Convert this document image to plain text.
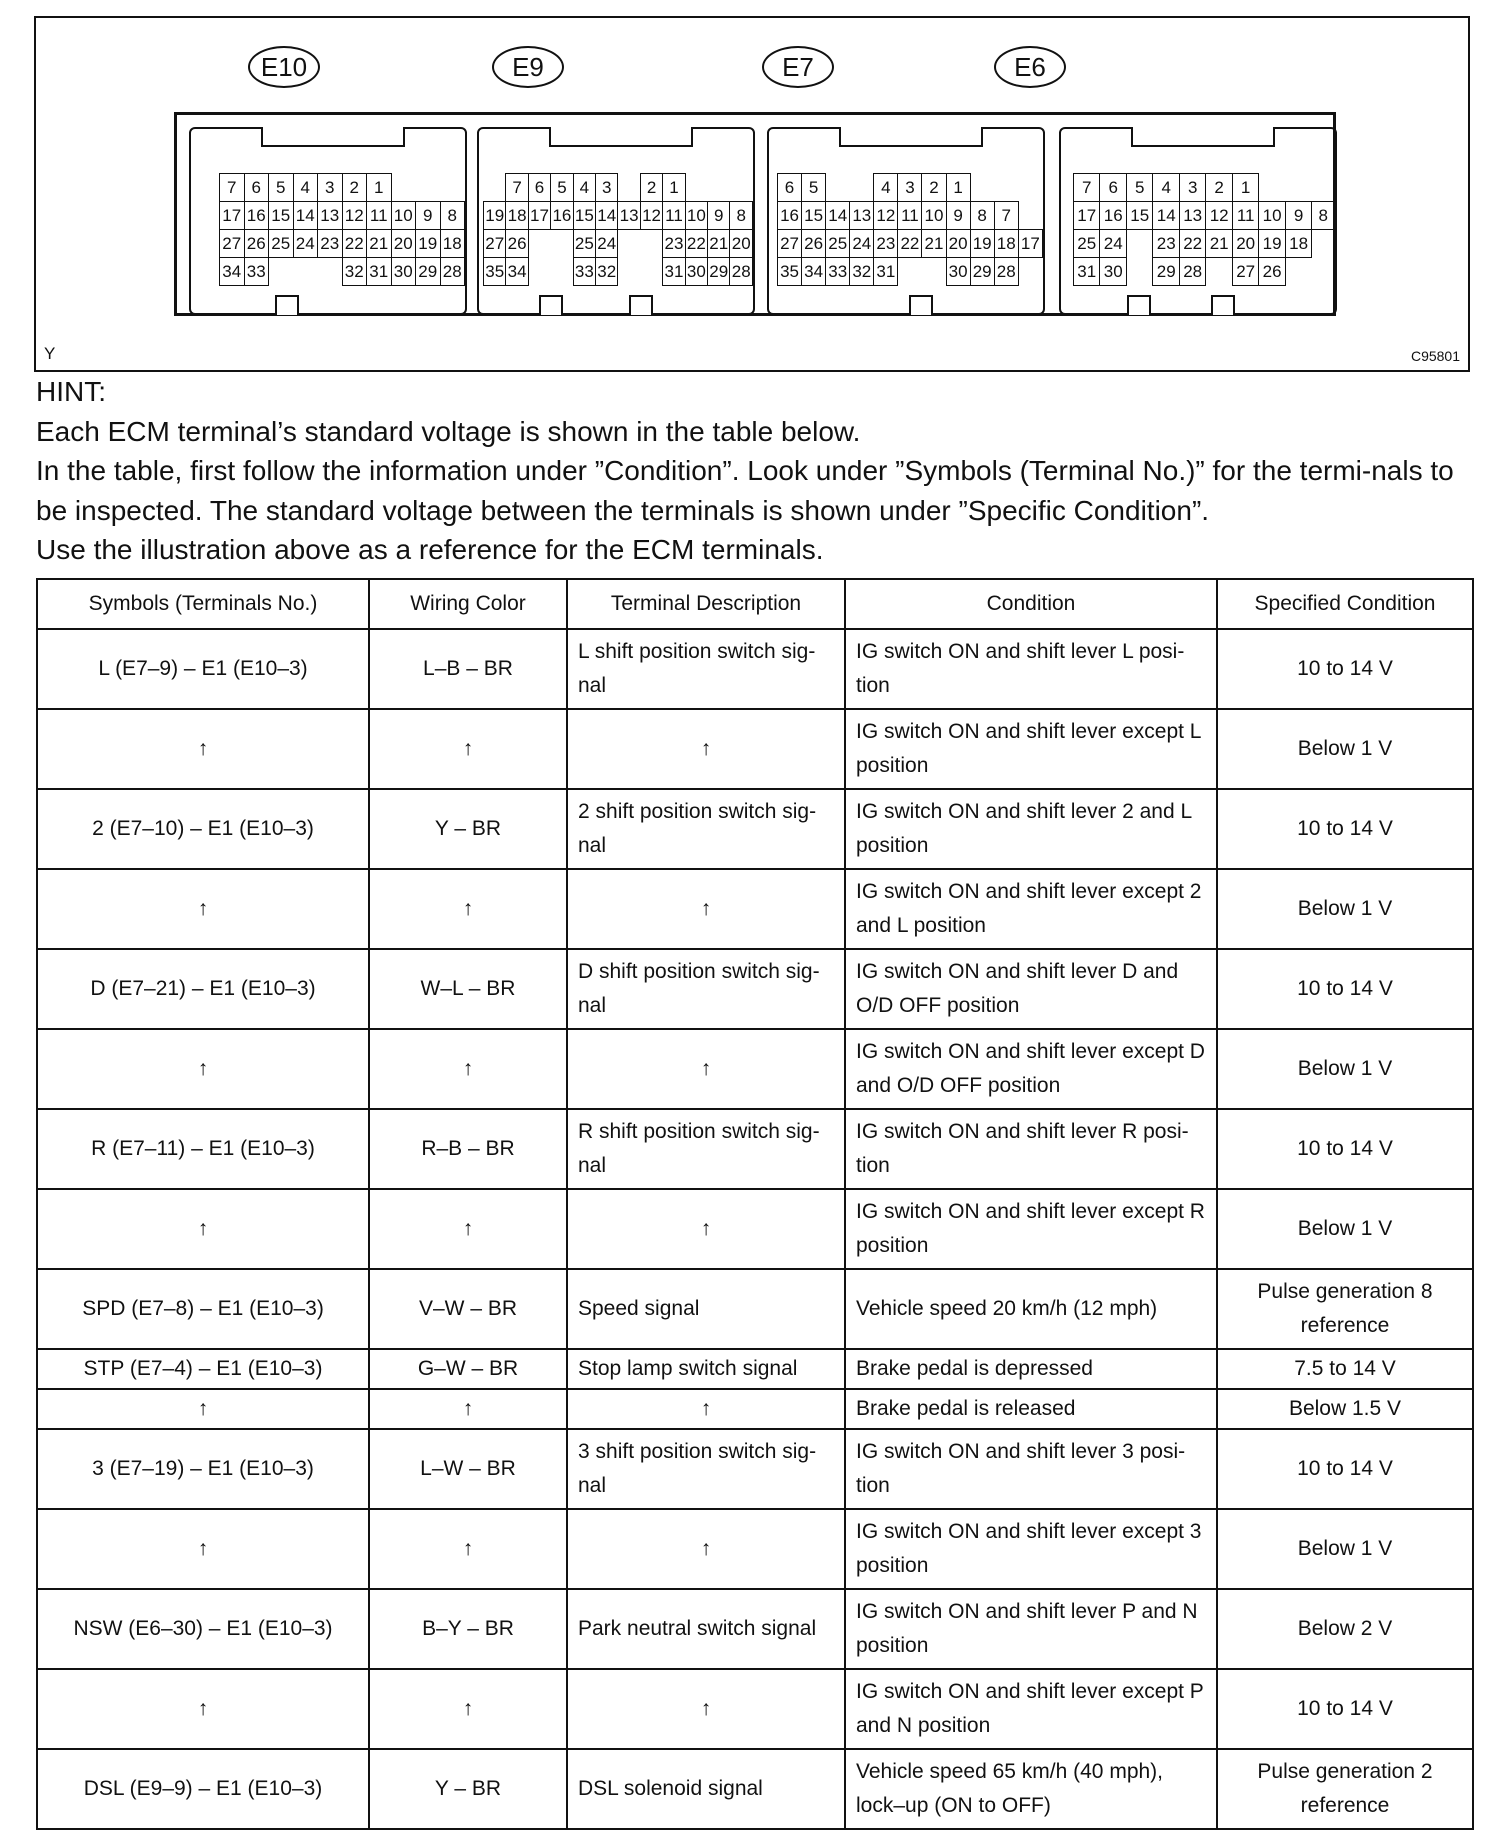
E10	E9	E7	E6
7	6	5	4	3	2	1			
17	16	15	14	13	12	11	10	9	8
27	26	25	24	23	22	21	20	19	18
34	33				32	31	30	29	28
	7	6	5	4	3		2	1			
19	18	17	16	15	14	13	12	11	10	9	8
27	26			25	24			23	22	21	20
35	34			33	32			31	30	29	28
6	5			4	3	2	1			
16	15	14	13	12	11	10	9	8	7	
27	26	25	24	23	22	21	20	19	18	17
35	34	33	32	31			30	29	28	
7	6	5	4	3	2	1			
17	16	15	14	13	12	11	10	9	8
25	24		23	22	21	20	19	18	
31	30		29	28		27	26		
Y	C95801

HINT:

Each ECM terminal’s standard voltage is shown in the table below.

In the table, first follow the information under ”Condition”. Look under ”Symbols (Terminal No.)” for the termi-nals to be inspected. The standard voltage between the terminals is shown under ”Specific Condition”.

Use the illustration above as a reference for the ECM terminals.

Symbols (Terminals No.)	Wiring Color	Terminal Description	Condition	Specified Condition
L (E7–9) – E1 (E10–3)	L–B – BR	L shift position switch sig-nal	IG switch ON and shift lever L posi-tion	10 to 14 V
↑	↑	↑	IG switch ON and shift lever except L position	Below 1 V
2 (E7–10) – E1 (E10–3)	Y – BR	2 shift position switch sig-nal	IG switch ON and shift lever 2 and L position	10 to 14 V
↑	↑	↑	IG switch ON and shift lever except 2 and L position	Below 1 V
D (E7–21) – E1 (E10–3)	W–L – BR	D shift position switch sig-nal	IG switch ON and shift lever D and O/D OFF position	10 to 14 V
↑	↑	↑	IG switch ON and shift lever except D and O/D OFF position	Below 1 V
R (E7–11) – E1 (E10–3)	R–B – BR	R shift position switch sig-nal	IG switch ON and shift lever R posi-tion	10 to 14 V
↑	↑	↑	IG switch ON and shift lever except R position	Below 1 V
SPD (E7–8) – E1 (E10–3)	V–W – BR	Speed signal	Vehicle speed 20 km/h (12 mph)	Pulse generation 8 reference
STP (E7–4) – E1 (E10–3)	G–W – BR	Stop lamp switch signal	Brake pedal is depressed	7.5 to 14 V
↑	↑	↑	Brake pedal is released	Below 1.5 V
3 (E7–19) – E1 (E10–3)	L–W – BR	3 shift position switch sig-nal	IG switch ON and shift lever 3 posi-tion	10 to 14 V
↑	↑	↑	IG switch ON and shift lever except 3 position	Below 1 V
NSW (E6–30) – E1 (E10–3)	B–Y – BR	Park neutral switch signal	IG switch ON and shift lever P and N position	Below 2 V
↑	↑	↑	IG switch ON and shift lever except P and N position	10 to 14 V
DSL (E9–9) – E1 (E10–3)	Y – BR	DSL solenoid signal	Vehicle speed 65 km/h (40 mph), lock–up (ON to OFF)	Pulse generation 2 reference
